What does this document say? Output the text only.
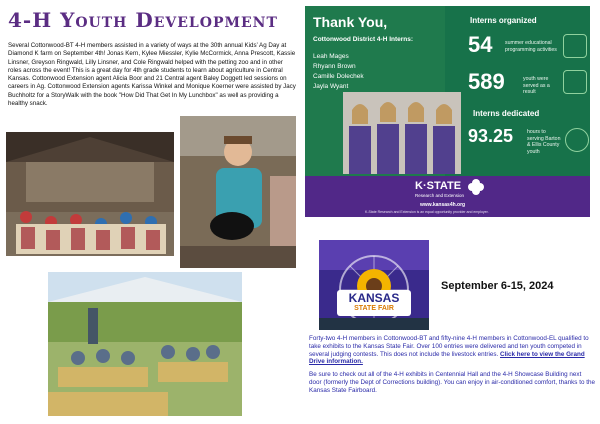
4-H Youth Development
Several Cottonwood-BT 4-H members assisted in a variety of ways at the 30th annual Kids’ Ag Day at Diamond K farm on September 4th! Jonas Kern, Kylee Miessler, Kylie McCormick, Anna Prescott, Kassie Linsner, Greyson Ringwald, Lilly Linsner, and Cole Ringwald helped with the petting zoo and in other roles across the event! This is a great day for 4th grade students to learn about agriculture in Central Kansas. Cottonwood Extension agent Alicia Boor and 21 Central agent Baley Doggett led sessions on careers in Ag. Cottonwood Extension agents Karissa Winkel and Monique Koerner were assisted by Jacy Buchholtz for a StoryWalk with the book "How Did That Get In My Lunchbox" as well as providing a healthy snack.
Thank You,
Cottonwood District 4-H Interns:
Leah Mages
Rhyann Brown
Camille Dolechek
Jayla Wyant
Interns organized
54 summer educational programming activities
589	youth were served as a result
Interns dedicated
93.25	hours to serving Barton & Ellis County youth
K·STATE
Research and Extension
www.kansas4h.org
K-State Research and Extension is an equal opportunity provider and employer.
KANSAS
STATE FAIR
September 6-15, 2024

Forty-two 4-H members in Cottonwood-BT and fifty-nine 4-H members in Cottonwood-EL qualified to take exhibits to the Kansas State Fair. Over 100 entries were delivered and ten youth competed in several judging contests. This does not include the livestock entries. Click here to view the Grand Drive information.

Be sure to check out all of the 4-H exhibits in Centennial Hall and the 4-H Showcase Building next door (formerly the Dept of Corrections building). You can enjoy in air-conditioned comfort, thanks to the Kansas State Fairboard.
